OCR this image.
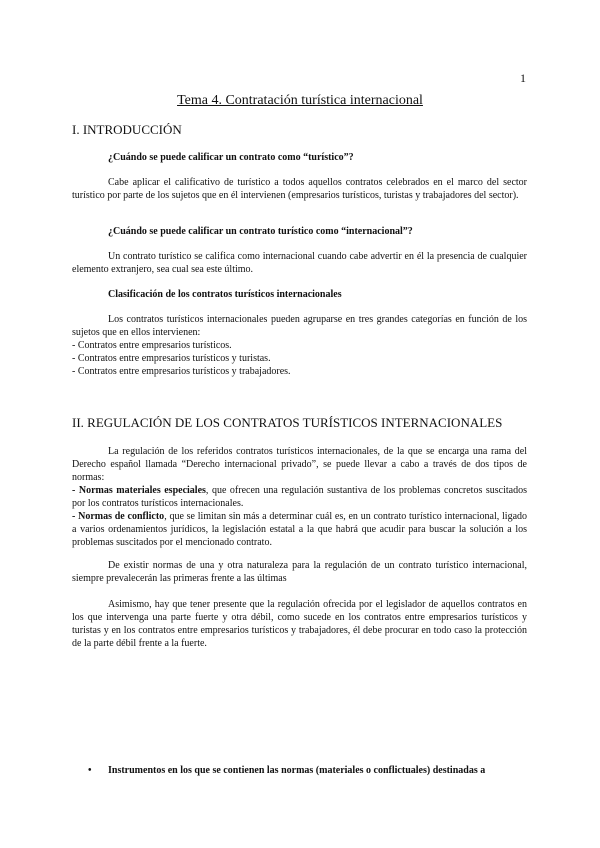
1
Tema 4. Contratación turística internacional
I. INTRODUCCIÓN
¿Cuándo se puede calificar un contrato como “turístico”?
Cabe aplicar el calificativo de turístico a todos aquellos contratos celebrados en el marco del sector turístico por parte de los sujetos que en él intervienen (empresarios turísticos, turistas y trabajadores del sector).
¿Cuándo se puede calificar un contrato turístico como “internacional”?
Un contrato turístico se califica como internacional cuando cabe advertir en él la presencia de cualquier elemento extranjero, sea cual sea este último.
Clasificación de los contratos turísticos internacionales
Los contratos turísticos internacionales pueden agruparse en tres grandes categorías en función de los sujetos que en ellos intervienen:
- Contratos entre empresarios turísticos.
- Contratos entre empresarios turísticos y turistas.
- Contratos entre empresarios turísticos y trabajadores.
II. REGULACIÓN DE LOS CONTRATOS TURÍSTICOS INTERNACIONALES
La regulación de los referidos contratos turísticos internacionales, de la que se encarga una rama del Derecho español llamada “Derecho internacional privado”, se puede llevar a cabo a través de dos tipos de normas:
- Normas materiales especiales, que ofrecen una regulación sustantiva de los problemas concretos suscitados por los contratos turísticos internacionales.
- Normas de conflicto, que se limitan sin más a determinar cuál es, en un contrato turístico internacional, ligado a varios ordenamientos jurídicos, la legislación estatal a la que habrá que acudir para buscar la solución a los problemas suscitados por el mencionado contrato.
De existir normas de una y otra naturaleza para la regulación de un contrato turístico internacional, siempre prevalecerán las primeras frente a las últimas
Asimismo, hay que tener presente que la regulación ofrecida por el legislador de aquellos contratos en los que intervenga una parte fuerte y otra débil, como sucede en los contratos entre empresarios turísticos y turistas y en los contratos entre empresarios turísticos y trabajadores, él debe procurar en todo caso la protección de la parte débil frente a la fuerte.
• Instrumentos en los que se contienen las normas (materiales o conflictuales) destinadas a
